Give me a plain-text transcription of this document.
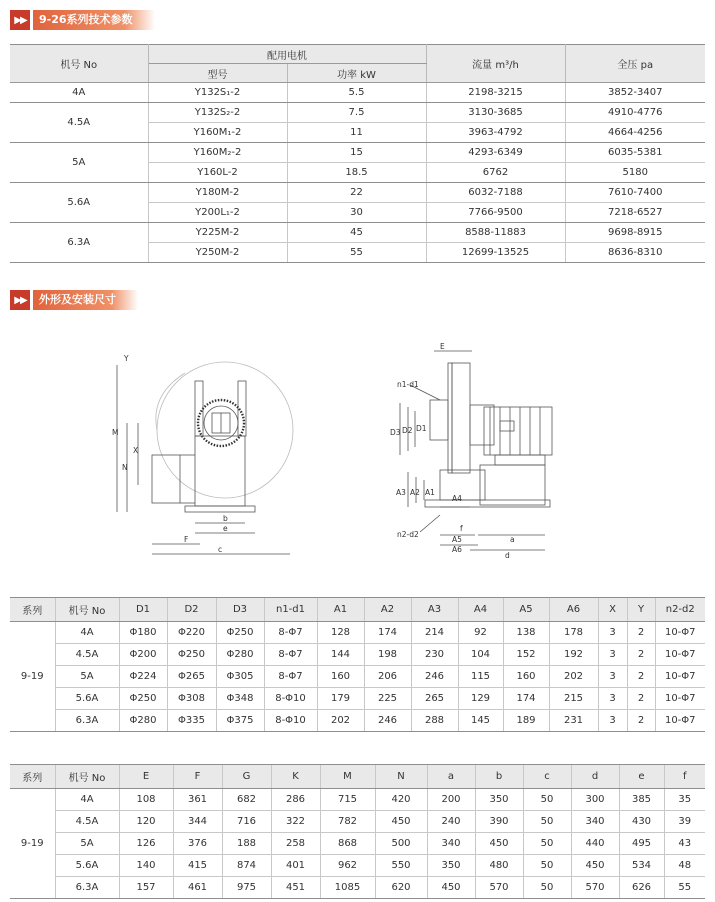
▶▶	9-26系列技术参数
机号 No	配用电机		流量 m³/h	全压 pa
	型号	功率 kW		
4A	Y132S₁-2	5.5	2198-3215	3852-3407
4.5A	Y132S₂-2	7.5	3130-3685	4910-4776
	Y160M₁-2	11	3963-4792	4664-4256
5A	Y160M₂-2	15	4293-6349	6035-5381
	Y160L-2	18.5	6762	5180
5.6A	Y180M-2	22	6032-7188	7610-7400
	Y200L₁-2	30	7766-9500	7218-6527
6.3A	Y225M-2	45	8588-11883	9698-8915
	Y250M-2	55	12699-13525	8636-8310
▶▶	外形及安装尺寸
M
N
X
Y
b
e
F
c
E
n1-d1
D3 D2 D1
A3 A2 A1
A4
n2-d2
f
A5
A6
a
d
系列	机号 No	D1	D2	D3	n1-d1	A1	A2	A3	A4	A5	A6	X	Y	n2-d2
9-19	4A	Φ180	Φ220	Φ250	8-Φ7	128	174	214	92	138	178	3	2	10-Φ7
	4.5A	Φ200	Φ250	Φ280	8-Φ7	144	198	230	104	152	192	3	2	10-Φ7
	5A	Φ224	Φ265	Φ305	8-Φ7	160	206	246	115	160	202	3	2	10-Φ7
	5.6A	Φ250	Φ308	Φ348	8-Φ10	179	225	265	129	174	215	3	2	10-Φ7
	6.3A	Φ280	Φ335	Φ375	8-Φ10	202	246	288	145	189	231	3	2	10-Φ7
系列	机号 No	E	F	G	K	M	N	a	b	c	d	e	f
9-19	4A	108	361	682	286	715	420	200	350	50	300	385	35
	4.5A	120	344	716	322	782	450	240	390	50	340	430	39
	5A	126	376	188	258	868	500	340	450	50	440	495	43
	5.6A	140	415	874	401	962	550	350	480	50	450	534	48
	6.3A	157	461	975	451	1085	620	450	570	50	570	626	55
